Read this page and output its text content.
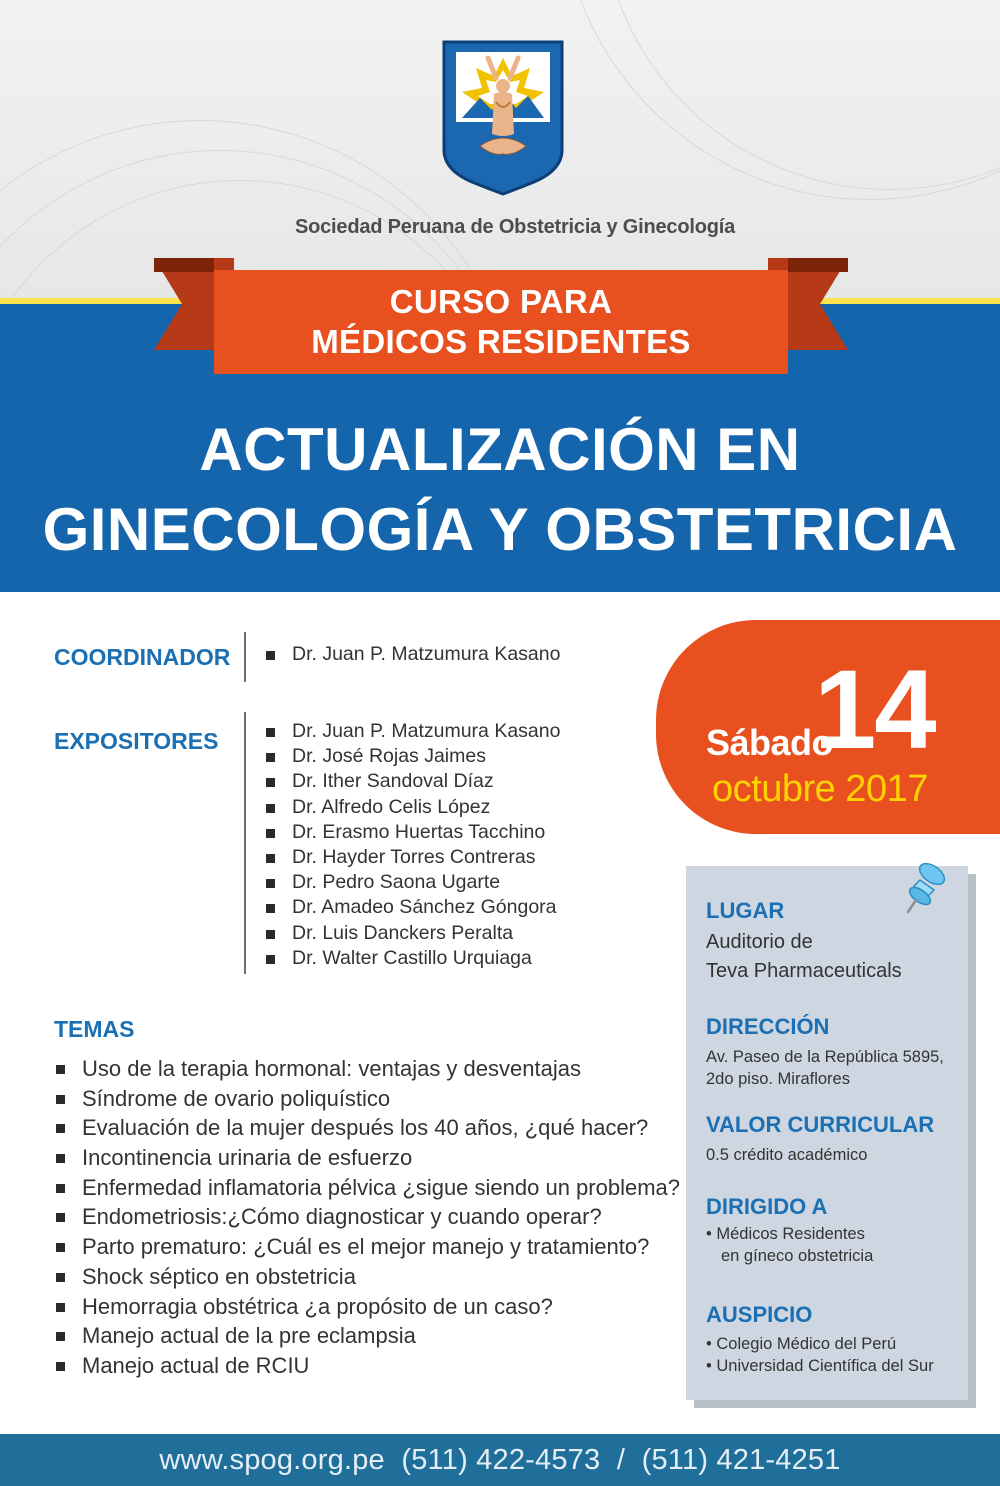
Sociedad Peruana de Obstetricia y Ginecología
CURSO PARA
MÉDICOS RESIDENTES
ACTUALIZACIÓN EN
GINECOLOGÍA Y OBSTETRICIA
COORDINADOR	Dr. Juan P. Matzumura Kasano
EXPOSITORES	Dr. Juan P. Matzumura Kasano
Dr. José Rojas Jaimes
Dr. Ither Sandoval Díaz
Dr. Alfredo Celis López
Dr. Erasmo Huertas Tacchino
Dr. Hayder Torres Contreras
Dr. Pedro Saona Ugarte
Dr. Amadeo Sánchez Góngora
Dr. Luis Danckers Peralta
Dr. Walter Castillo Urquiaga
TEMAS
Uso de la terapia hormonal: ventajas y desventajas
Síndrome de ovario poliquístico
Evaluación de la mujer después los 40 años, ¿qué hacer?
Incontinencia urinaria de esfuerzo
Enfermedad inflamatoria pélvica ¿sigue siendo un problema?
Endometriosis:¿Cómo diagnosticar y cuando operar?
Parto prematuro: ¿Cuál es el mejor manejo y tratamiento?
Shock séptico en obstetricia
Hemorragia obstétrica ¿a propósito de un caso?
Manejo actual de la pre eclampsia
Manejo actual de RCIU
Sábado
14
octubre 2017
LUGAR
Auditorio de
Teva Pharmaceuticals
DIRECCIÓN
Av. Paseo de la República 5895,
2do piso. Miraflores
VALOR CURRICULAR
0.5 crédito académico
DIRIGIDO A
• Médicos Residentes
en gíneco obstetricia
AUSPICIO
• Colegio Médico del Perú
• Universidad Científica del Sur
www.spog.org.pe  (511) 422-4573  /  (511) 421-4251
